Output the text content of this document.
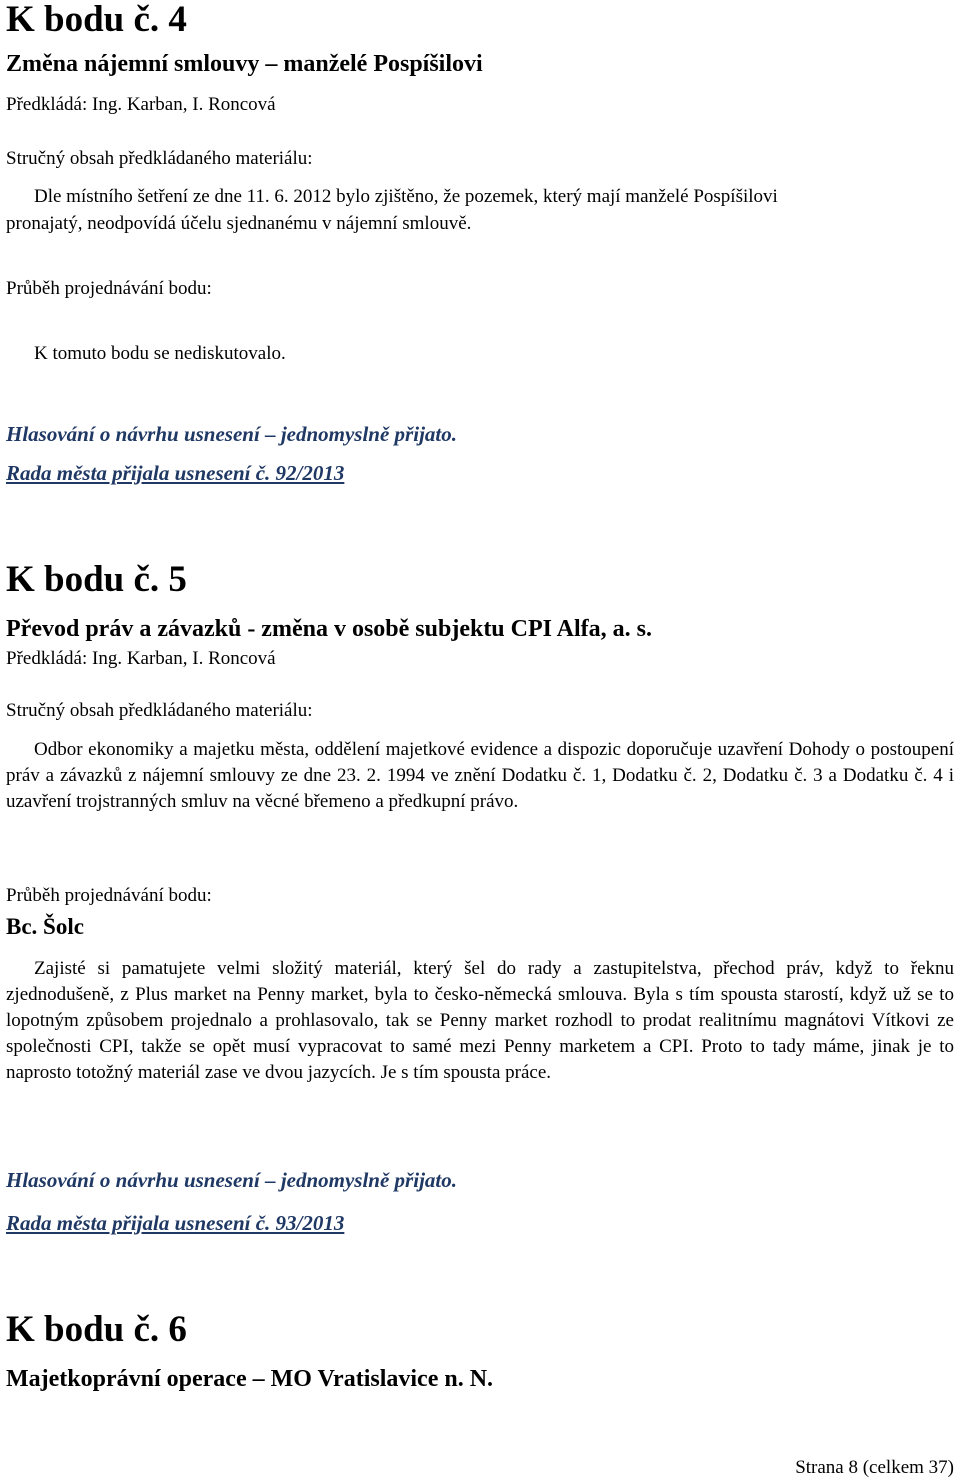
K bodu č. 4
Změna nájemní smlouvy – manželé Pospíšilovi
Předkládá: Ing. Karban, I. Roncová
Stručný obsah předkládaného materiálu:
Dle místního šetření ze dne 11. 6. 2012 bylo zjištěno, že pozemek, který mají manželé Pospíšilovi
pronajatý, neodpovídá účelu sjednanému v nájemní smlouvě.
Průběh projednávání bodu:
K tomuto bodu se nediskutovalo.
Hlasování o návrhu usnesení – jednomyslně přijato.
Rada města přijala usnesení č. 92/2013
K bodu č. 5
Převod práv a závazků - změna v osobě subjektu CPI Alfa, a. s.
Předkládá: Ing. Karban, I. Roncová
Stručný obsah předkládaného materiálu:

Odbor ekonomiky a majetku města, oddělení majetkové evidence a dispozic doporučuje uzavření Dohody o postoupení práv a závazků z nájemní smlouvy ze dne 23. 2. 1994 ve znění Dodatku č. 1, Dodatku č. 2, Dodatku č. 3 a Dodatku č. 4 i uzavření trojstranných smluv na věcné břemeno a předkupní právo.

Průběh projednávání bodu:
Bc. Šolc

Zajisté si pamatujete velmi složitý materiál, který šel do rady a zastupitelstva, přechod práv, když to řeknu zjednodušeně, z Plus market na Penny market, byla to česko-německá smlouva. Byla s tím spousta starostí, když už se to lopotným způsobem projednalo a prohlasovalo, tak se Penny market rozhodl to prodat realitnímu magnátovi Vítkovi ze společnosti CPI, takže se opět musí vypracovat to samé mezi Penny marketem a CPI. Proto to tady máme, jinak je to naprosto totožný materiál zase ve dvou jazycích. Je s tím spousta práce.

Hlasování o návrhu usnesení – jednomyslně přijato.
Rada města přijala usnesení č. 93/2013
K bodu č. 6
Majetkoprávní operace – MO Vratislavice n. N.
Strana 8 (celkem 37)
